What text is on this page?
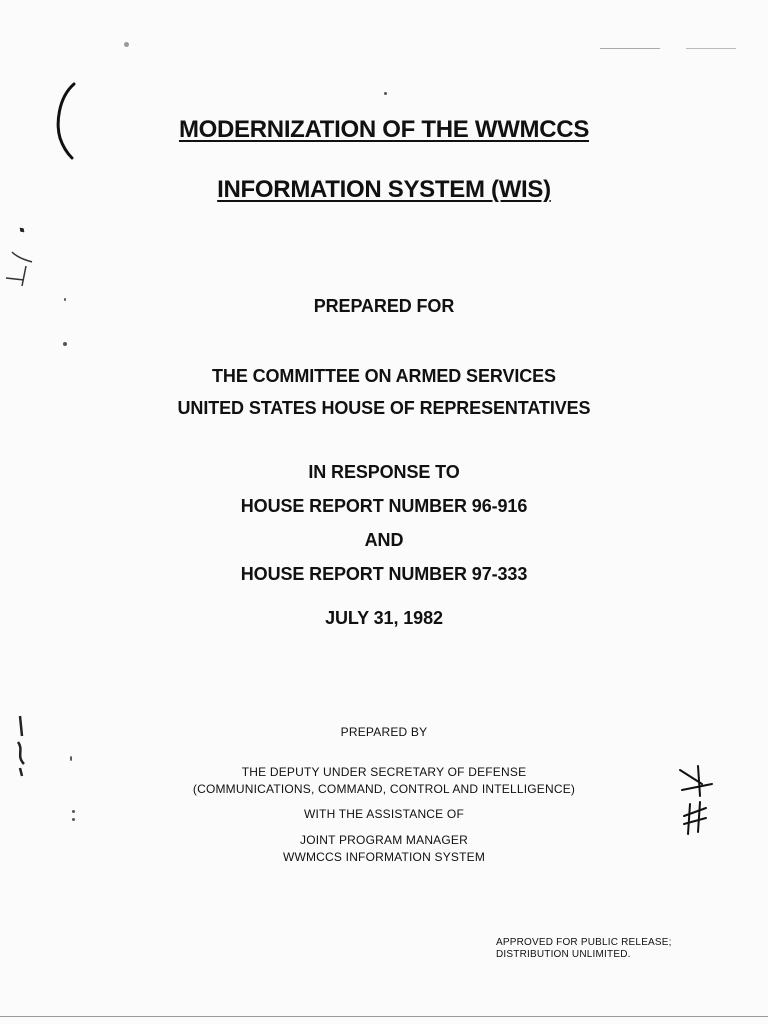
MODERNIZATION OF THE WWMCCS
INFORMATION SYSTEM (WIS)
PREPARED FOR
THE COMMITTEE ON ARMED SERVICES
UNITED STATES HOUSE OF REPRESENTATIVES
IN RESPONSE TO
HOUSE REPORT NUMBER 96-916
AND
HOUSE REPORT NUMBER 97-333
JULY 31, 1982
PREPARED BY
THE DEPUTY UNDER SECRETARY OF DEFENSE
(COMMUNICATIONS, COMMAND, CONTROL AND INTELLIGENCE)
WITH THE ASSISTANCE OF
JOINT PROGRAM MANAGER
WWMCCS INFORMATION SYSTEM
APPROVED FOR PUBLIC RELEASE;
DISTRIBUTION UNLIMITED.
